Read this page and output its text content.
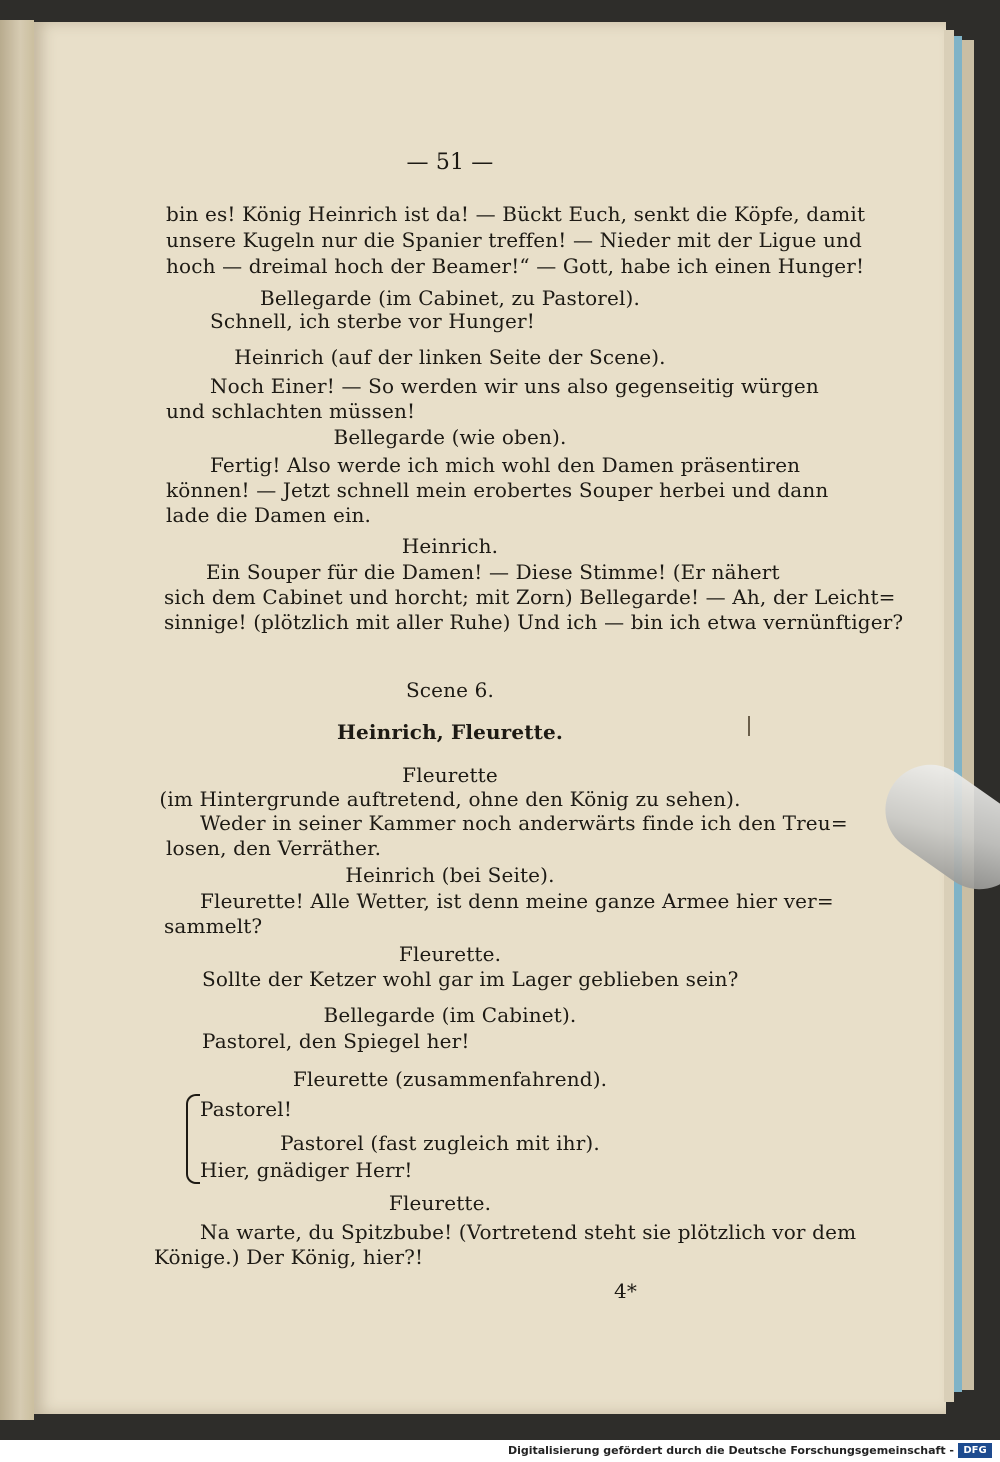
— 51 —
bin es! König Heinrich ist da! — Bückt Euch, senkt die Köpfe, damit
unsere Kugeln nur die Spanier treffen! — Nieder mit der Ligue und
hoch — dreimal hoch der Beamer!“ — Gott, habe ich einen Hunger!
Bellegarde (im Cabinet, zu Pastorel).
Schnell, ich sterbe vor Hunger!
Heinrich (auf der linken Seite der Scene).
Noch Einer! — So werden wir uns also gegenseitig würgen
und schlachten müssen!
Bellegarde (wie oben).
Fertig! Also werde ich mich wohl den Damen präsentiren
können! — Jetzt schnell mein erobertes Souper herbei und dann
lade die Damen ein.
Heinrich.
Ein Souper für die Damen! — Diese Stimme! (Er nähert
sich dem Cabinet und horcht; mit Zorn) Bellegarde! — Ah, der Leicht=
sinnige! (plötzlich mit aller Ruhe) Und ich — bin ich etwa vernünftiger?
Scene 6.
Heinrich, Fleurette.
Fleurette
(im Hintergrunde auftretend, ohne den König zu sehen).
Weder in seiner Kammer noch anderwärts finde ich den Treu=
losen, den Verräther.
Heinrich (bei Seite).
Fleurette! Alle Wetter, ist denn meine ganze Armee hier ver=
sammelt?
Fleurette.
Sollte der Ketzer wohl gar im Lager geblieben sein?
Bellegarde (im Cabinet).
Pastorel, den Spiegel her!
Fleurette (zusammenfahrend).
Pastorel!
Pastorel (fast zugleich mit ihr).
Hier, gnädiger Herr!
Fleurette.
Na warte, du Spitzbube! (Vortretend steht sie plötzlich vor dem
Könige.) Der König, hier?!
4*
Digitalisierung gefördert durch die Deutsche Forschungsgemeinschaft - DFG
